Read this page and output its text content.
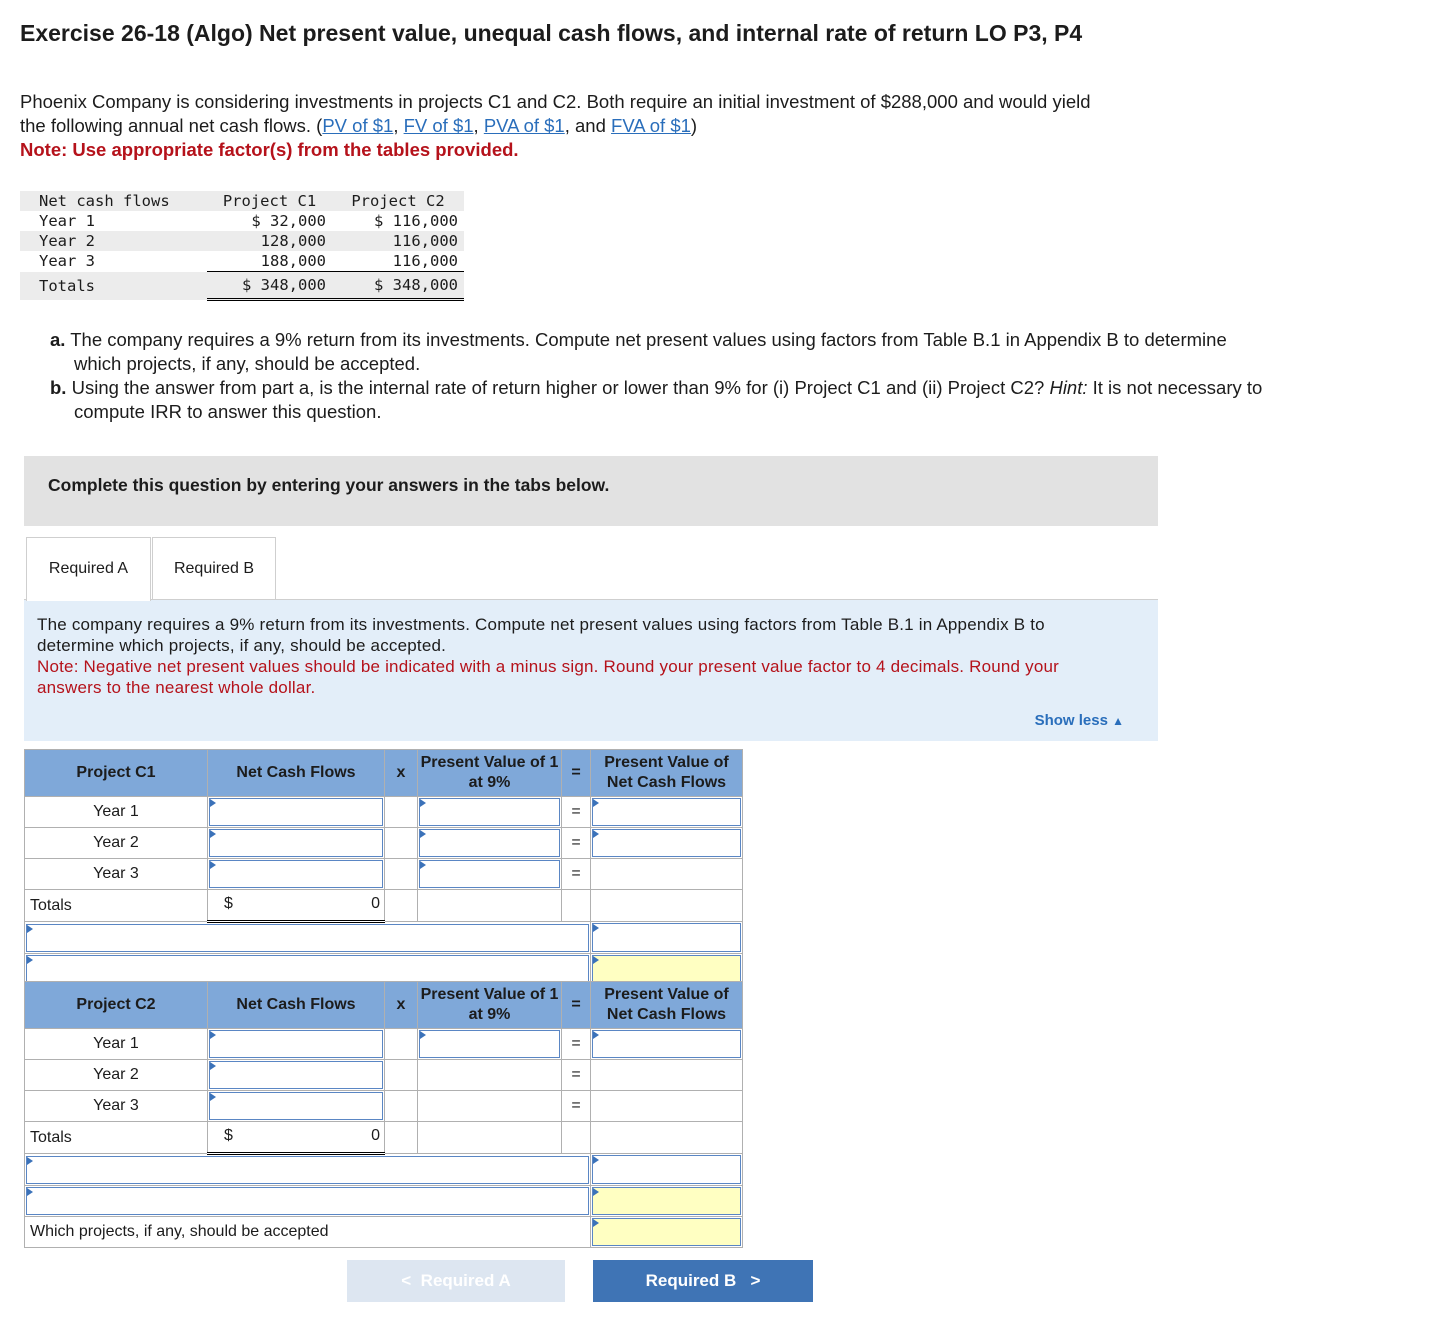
Exercise 26-18 (Algo) Net present value, unequal cash flows, and internal rate of return LO P3, P4
Phoenix Company is considering investments in projects C1 and C2. Both require an initial investment of $288,000 and would yield
the following annual net cash flows. (PV of $1, FV of $1, PVA of $1, and FVA of $1)
Note: Use appropriate factor(s) from the tables provided.
Net cash flows	Project C1	Project C2
Year 1	$ 32,000	$ 116,000
Year 2	128,000	116,000
Year 3	188,000	116,000
Totals	$ 348,000	$ 348,000

a. The company requires a 9% return from its investments. Compute net present values using factors from Table B.1 in Appendix B to determine which projects, if any, should be accepted.

b. Using the answer from part a, is the internal rate of return higher or lower than 9% for (i) Project C1 and (ii) Project C2? Hint: It is not necessary to compute IRR to answer this question.

Complete this question by entering your answers in the tabs below.
Required A	Required B
The company requires a 9% return from its investments. Compute net present values using factors from Table B.1 in Appendix B to determine which projects, if any, should be accepted.
Note: Negative net present values should be indicated with a minus sign. Round your present value factor to 4 decimals. Round your answers to the nearest whole dollar.
Show less ▲
Project C1	Net Cash Flows	x	Present Value of 1 at 9%	=	Present Value of Net Cash Flows
Year 1				=	

Year 2				=	

Year 3				=	
Totals	$ 0				

Project C2	Net Cash Flows	x	Present Value of 1 at 9%	=	Present Value of Net Cash Flows
Year 1				=	

Year 2				=	
Year 3				=	
Totals	$ 0				

Which projects, if any, should be accepted					
< Required A	Required B >
